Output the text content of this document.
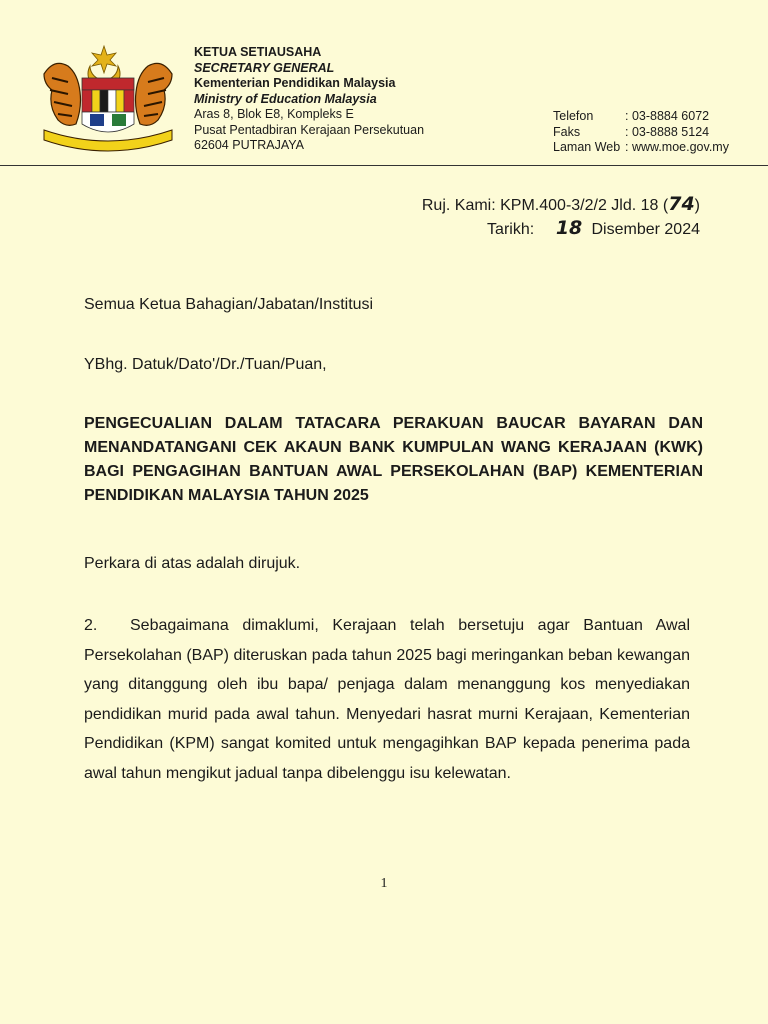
KETUA SETIAUSAHA
SECRETARY GENERAL
Kementerian Pendidikan Malaysia
Ministry of Education Malaysia
Aras 8, Blok E8, Kompleks E
Pusat Pentadbiran Kerajaan Persekutuan
62604 PUTRAJAYA
Telefon	: 03-8884 6072
Faks	: 03-8888 5124
Laman Web : www.moe.gov.my
Ruj. Kami: KPM.400-3/2/2 Jld. 18 (74)
Tarikh: 18 Disember 2024
Semua Ketua Bahagian/Jabatan/Institusi
YBhg. Datuk/Dato'/Dr./Tuan/Puan,

PENGECUALIAN DALAM TATACARA PERAKUAN BAUCAR BAYARAN DAN MENANDATANGANI CEK AKAUN BANK KUMPULAN WANG KERAJAAN (KWK) BAGI PENGAGIHAN BANTUAN AWAL PERSEKOLAHAN (BAP) KEMENTERIAN PENDIDIKAN MALAYSIA TAHUN 2025

Perkara di atas adalah dirujuk.

2. Sebagaimana dimaklumi, Kerajaan telah bersetuju agar Bantuan Awal Persekolahan (BAP) diteruskan pada tahun 2025 bagi meringankan beban kewangan yang ditanggung oleh ibu bapa/ penjaga dalam menanggung kos menyediakan pendidikan murid pada awal tahun. Menyedari hasrat murni Kerajaan, Kementerian Pendidikan (KPM) sangat komited untuk mengagihkan BAP kepada penerima pada awal tahun mengikut jadual tanpa dibelenggu isu kelewatan.

1
